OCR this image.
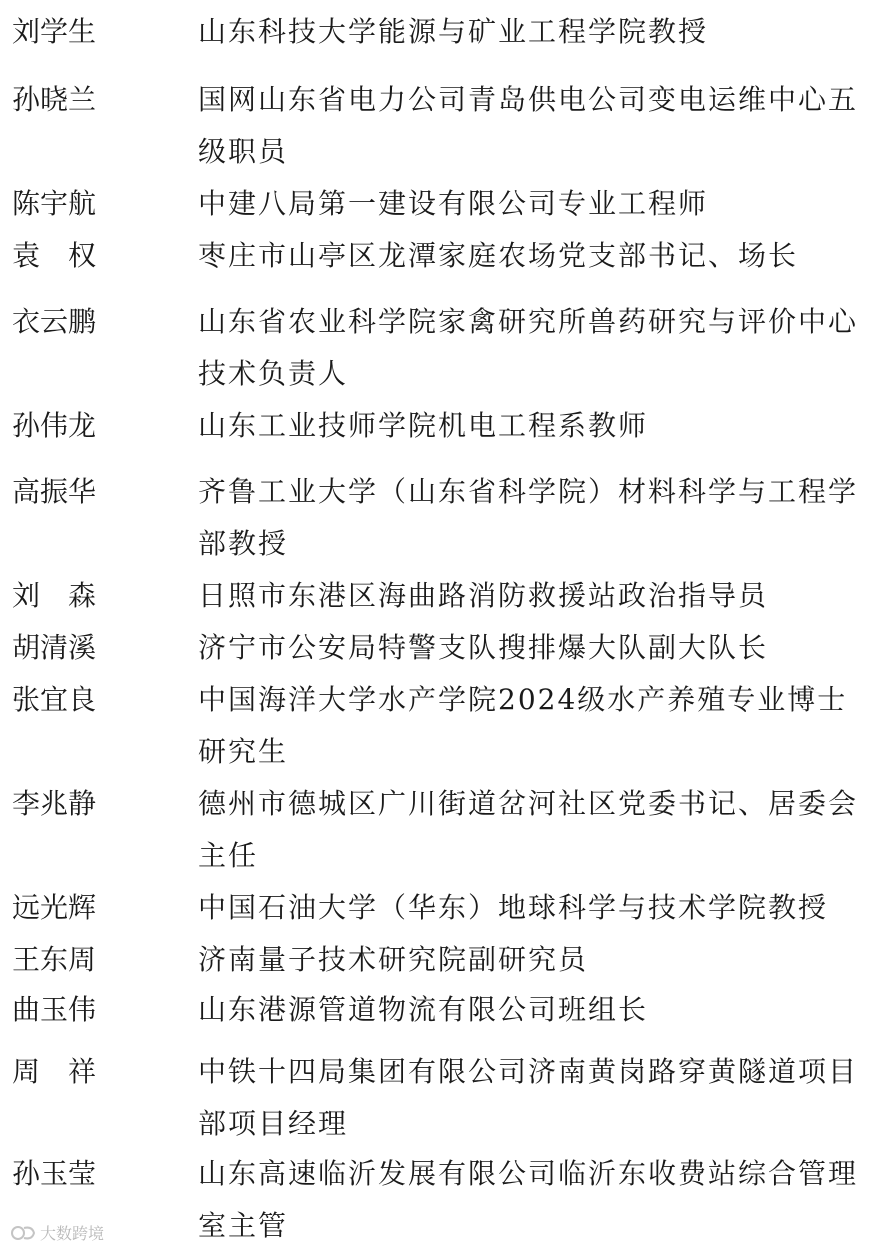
刘学生	山东科技大学能源与矿业工程学院教授
孙晓兰	国网山东省电力公司青岛供电公司变电运维中心五级职员
陈宇航	中建八局第一建设有限公司专业工程师
袁　权	枣庄市山亭区龙潭家庭农场党支部书记、场长
衣云鹏	山东省农业科学院家禽研究所兽药研究与评价中心技术负责人
孙伟龙	山东工业技师学院机电工程系教师
高振华	齐鲁工业大学（山东省科学院）材料科学与工程学部教授
刘　森	日照市东港区海曲路消防救援站政治指导员
胡清溪	济宁市公安局特警支队搜排爆大队副大队长
张宜良	中国海洋大学水产学院2024级水产养殖专业博士研究生
李兆静	德州市德城区广川街道岔河社区党委书记、居委会主任
远光辉	中国石油大学（华东）地球科学与技术学院教授
王东周	济南量子技术研究院副研究员
曲玉伟	山东港源管道物流有限公司班组长
周　祥	中铁十四局集团有限公司济南黄岗路穿黄隧道项目部项目经理
孙玉莹	山东高速临沂发展有限公司临沂东收费站综合管理室主管
大数跨境
